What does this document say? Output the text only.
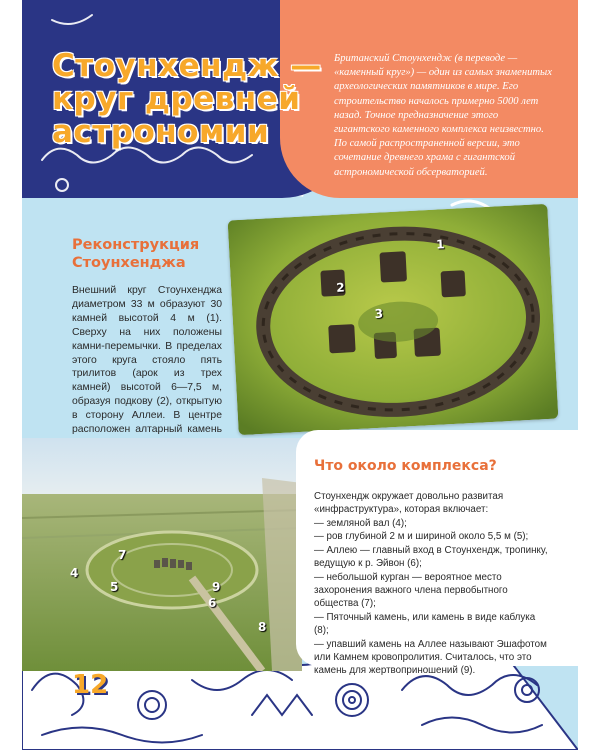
Стоунхендж —
круг древней
астрономии

Британский Стоунхендж (в переводе — «каменный круг») — один из самых знаменитых археологических памятников в мире. Его строительство началось примерно 5000 лет назад. Точное предназначение этого гигантского каменного комплекса неизвестно. По самой распространенной версии, это сочетание древнего храма с гигантской астрономической обсерваторией.

Реконструкция Стоунхенджа

Внешний круг Стоунхенджа диаметром 33 м образуют 30 камней высотой 4 м (1). Сверху на них положены камни-перемычки. В пределах этого круга стояло пять трилитов (арок из трех камней) высотой 6—7,5 м, образуя подкову (2), открытую в сторону Аллеи. В центре расположен алтарный камень

1
2
3
4
5
6
7
8
9
Что около комплекса?

Стоунхендж окружает довольно развитая «инфраструктура», которая включает:

— земляной вал (4);
— ров глубиной 2 м и шириной около 5,5 м (5);
— Аллею — главный вход в Стоунхендж, тропинку, ведущую к р. Эйвон (6);
— небольшой курган — вероятное место захоронения важного члена первобытного общества (7);
— Пяточный камень, или камень в виде каблука (8);
— упавший камень на Аллее называют Эшафотом или Камнем кровопролития. Считалось, что это камень для жертвоприношений (9).
12
